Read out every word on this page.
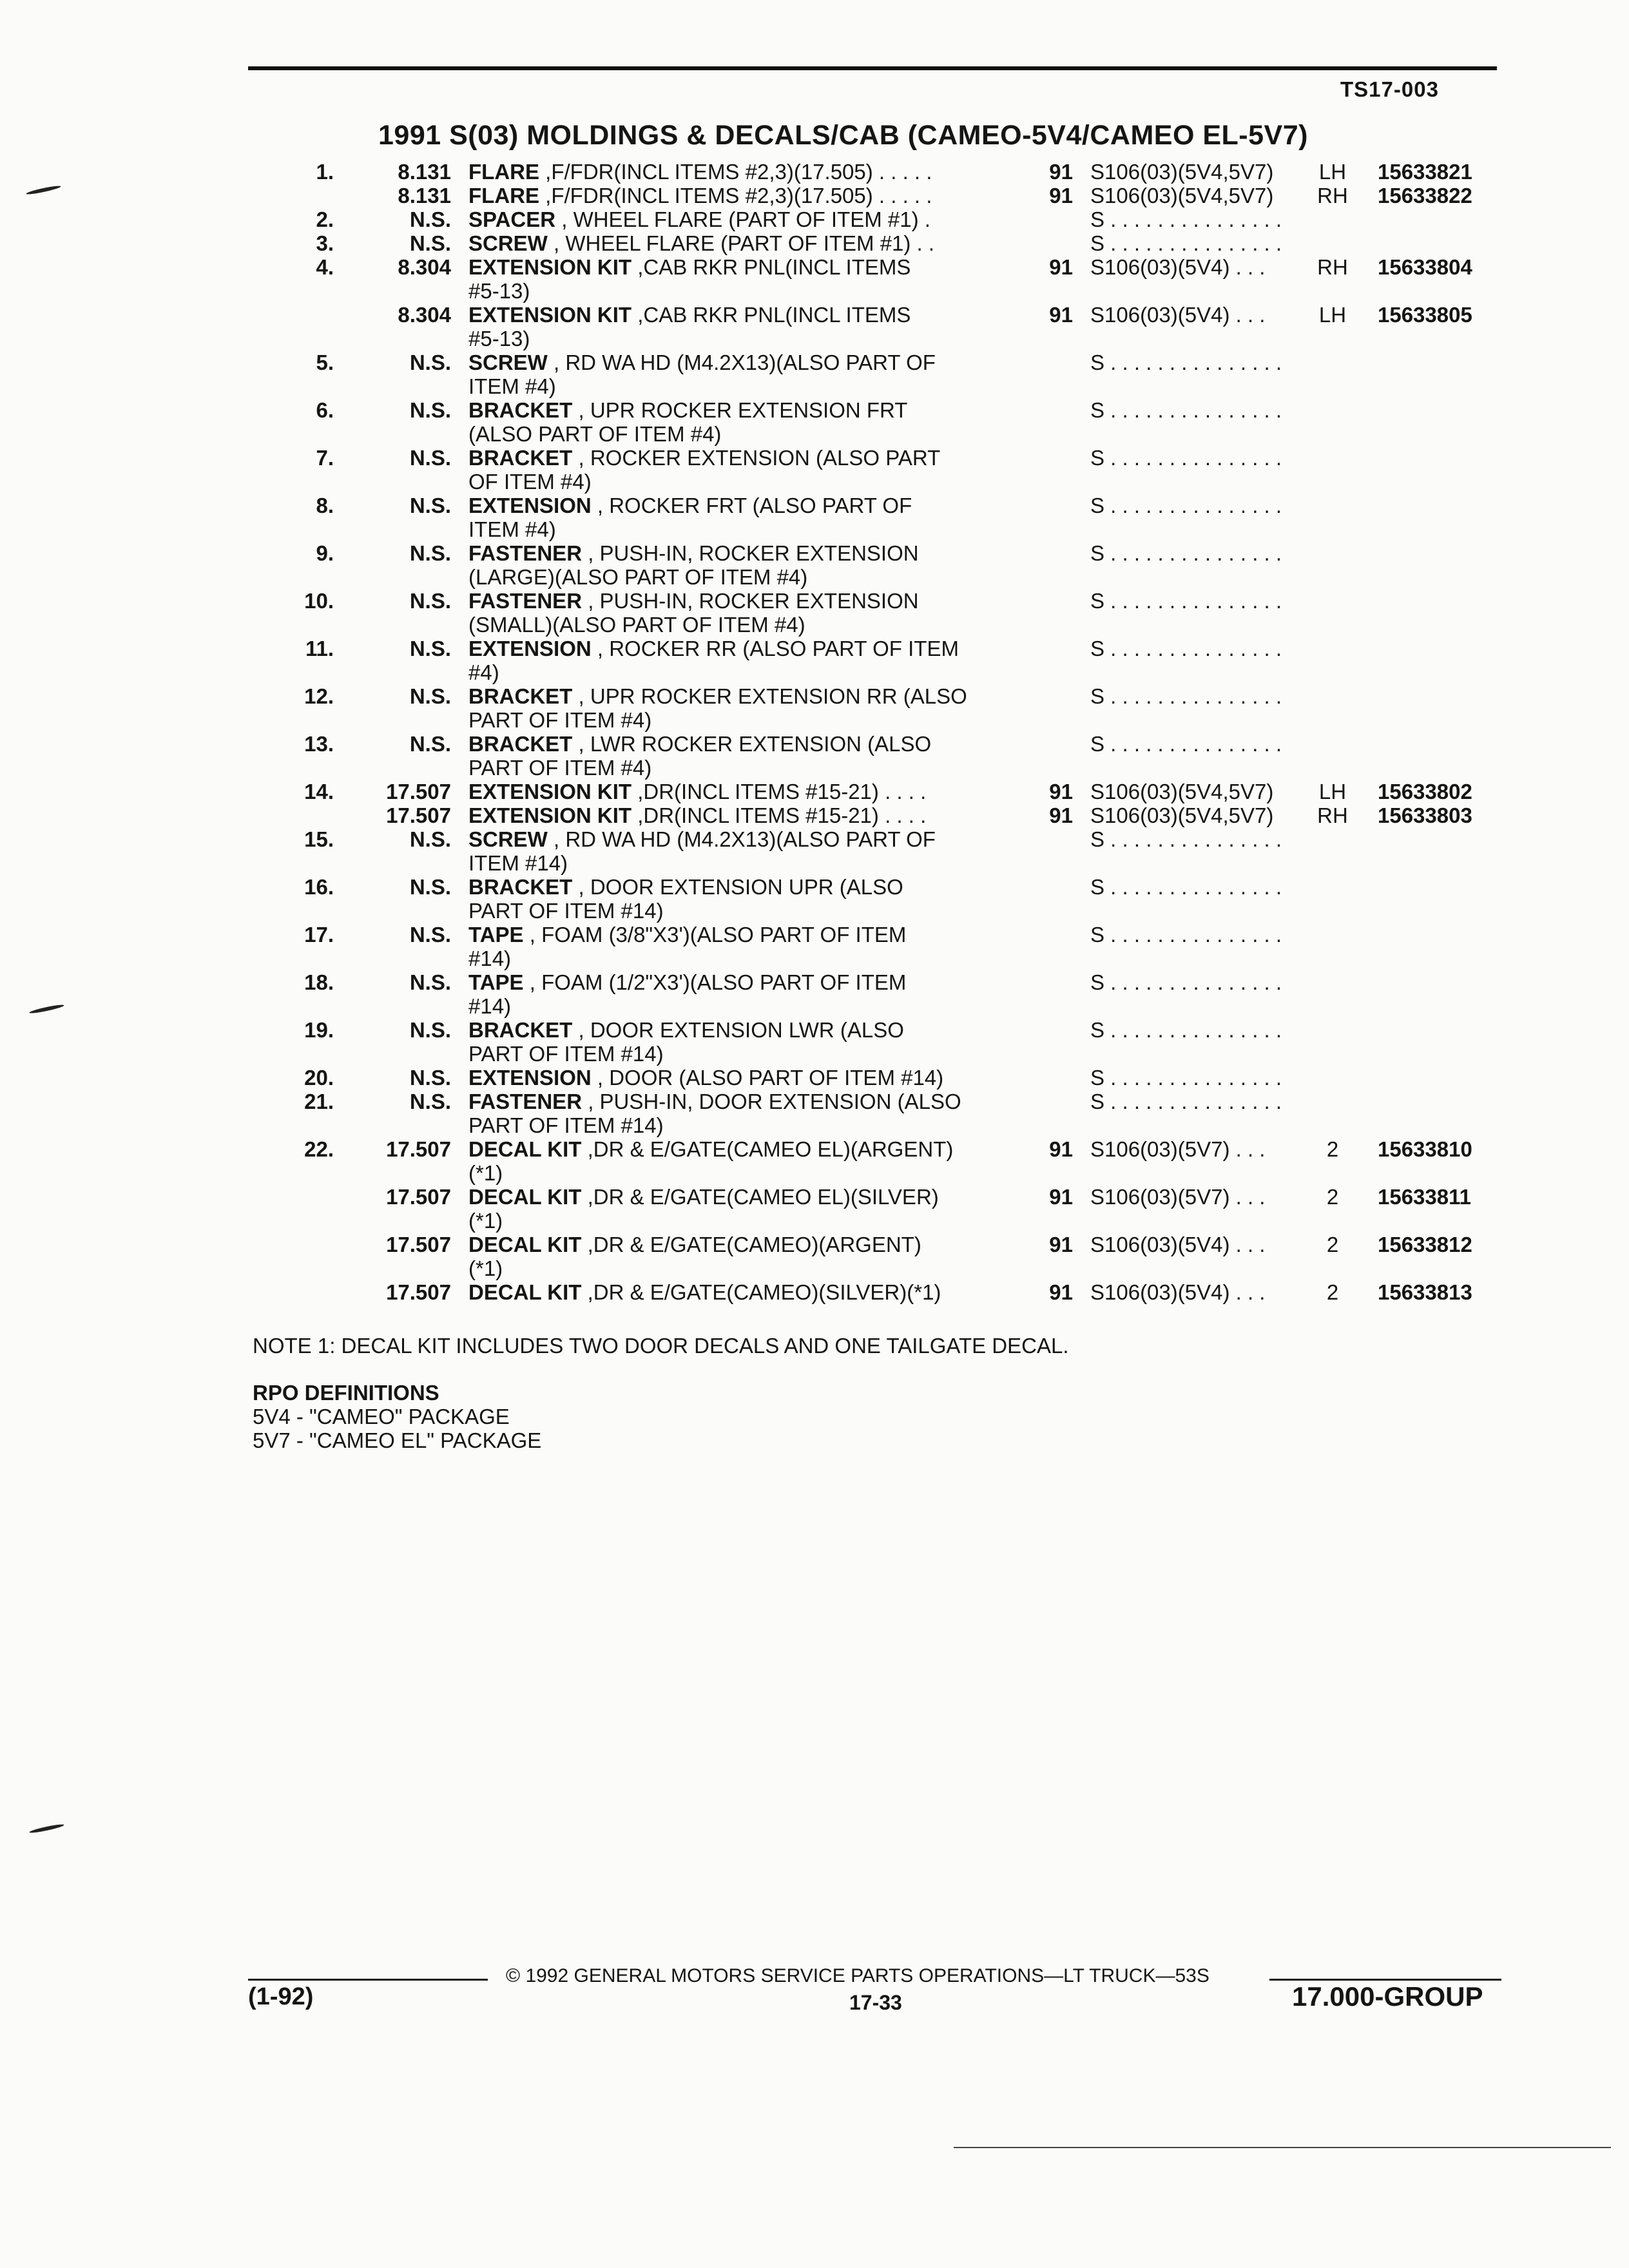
TS17-003
1991 S(03) MOLDINGS & DECALS/CAB (CAMEO-5V4/CAMEO EL-5V7)
1.	8.131 FLARE ,F/FDR(INCL ITEMS #2,3)(17.505) . . . . .	91 S106(03)(5V4,5V7) LH 15633821
8.131 FLARE ,F/FDR(INCL ITEMS #2,3)(17.505) . . . . .	91 S106(03)(5V4,5V7) RH 15633822
2.	N.S. SPACER , WHEEL FLARE (PART OF ITEM #1) .	S . . . . . . . . . . . . . . .
3.	N.S. SCREW , WHEEL FLARE (PART OF ITEM #1) . .	S . . . . . . . . . . . . . . .
4.	8.304 EXTENSION KIT ,CAB RKR PNL(INCL ITEMS	91 S106(03)(5V4) . . . RH 15633804
#5-13)
8.304 EXTENSION KIT ,CAB RKR PNL(INCL ITEMS	91 S106(03)(5V4) . . .	LH 15633805
#5-13)
5.	N.S. SCREW , RD WA HD (M4.2X13)(ALSO PART OF	S . . . . . . . . . . . . . . .
ITEM #4)
6.	N.S. BRACKET , UPR ROCKER EXTENSION FRT	S . . . . . . . . . . . . . . .
(ALSO PART OF ITEM #4)
7.	N.S. BRACKET , ROCKER EXTENSION (ALSO PART	S . . . . . . . . . . . . . . .
OF ITEM #4)
8.	N.S. EXTENSION , ROCKER FRT (ALSO PART OF	S . . . . . . . . . . . . . . .
ITEM #4)
9.	N.S. FASTENER , PUSH-IN, ROCKER EXTENSION	S . . . . . . . . . . . . . . .
(LARGE)(ALSO PART OF ITEM #4)
10.	N.S. FASTENER , PUSH-IN, ROCKER EXTENSION	S . . . . . . . . . . . . . . .
(SMALL)(ALSO PART OF ITEM #4)
11.	N.S. EXTENSION , ROCKER RR (ALSO PART OF ITEM	S . . . . . . . . . . . . . . .
#4)
12.	N.S. BRACKET , UPR ROCKER EXTENSION RR (ALSO	S . . . . . . . . . . . . . . .
PART OF ITEM #4)
13.	N.S. BRACKET , LWR ROCKER EXTENSION (ALSO	S . . . . . . . . . . . . . . .
PART OF ITEM #4)
14.	17.507 EXTENSION KIT ,DR(INCL ITEMS #15-21) . . . .	91 S106(03)(5V4,5V7) LH 15633802
17.507 EXTENSION KIT ,DR(INCL ITEMS #15-21) . . . .	91 S106(03)(5V4,5V7) RH 15633803
15.	N.S. SCREW , RD WA HD (M4.2X13)(ALSO PART OF	S . . . . . . . . . . . . . . .
ITEM #14)
16.	N.S. BRACKET , DOOR EXTENSION UPR (ALSO	S . . . . . . . . . . . . . . .
PART OF ITEM #14)
17.	N.S. TAPE , FOAM (3/8"X3')(ALSO PART OF ITEM	S . . . . . . . . . . . . . . .
#14)
18.	N.S. TAPE , FOAM (1/2"X3')(ALSO PART OF ITEM	S . . . . . . . . . . . . . . .
#14)
19.	N.S. BRACKET , DOOR EXTENSION LWR (ALSO	S . . . . . . . . . . . . . . .
PART OF ITEM #14)
20.	N.S. EXTENSION , DOOR (ALSO PART OF ITEM #14)	S . . . . . . . . . . . . . . .
21.	N.S. FASTENER , PUSH-IN, DOOR EXTENSION (ALSO	S . . . . . . . . . . . . . . .
PART OF ITEM #14)
22.	17.507 DECAL KIT ,DR & E/GATE(CAMEO EL)(ARGENT)	91 S106(03)(5V7) . . .	2	15633810
(*1)
17.507 DECAL KIT ,DR & E/GATE(CAMEO EL)(SILVER)	91 S106(03)(5V7) . . .	2	15633811
(*1)
17.507 DECAL KIT ,DR & E/GATE(CAMEO)(ARGENT)	91 S106(03)(5V4) . . .	2	15633812
(*1)
17.507 DECAL KIT ,DR & E/GATE(CAMEO)(SILVER)(*1)	91 S106(03)(5V4) . . .	2	15633813
NOTE 1: DECAL KIT INCLUDES TWO DOOR DECALS AND ONE TAILGATE DECAL.
RPO DEFINITIONS
5V4 - "CAMEO" PACKAGE
5V7 - "CAMEO EL" PACKAGE
© 1992 GENERAL MOTORS SERVICE PARTS OPERATIONS—LT TRUCK—53S
(1-92)	17-33	17.000-GROUP
